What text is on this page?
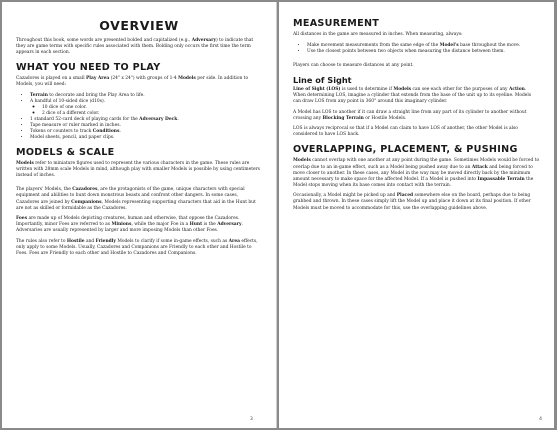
OVERVIEW

Throughout this book, some words are presented bolded and capitalized (e.g., Adversary) to indicate that they are game terms with specific rules associated with them. Bolding only occurs the first time the term appears in each section.

WHAT YOU NEED TO PLAY

Cazadores is played on a small Play Area (24" x 24") with groups of 1-4 Models per side. In addition to Models, you will need:

• Terrain to decorate and bring the Play Area to life.
• A handful of 10-sided dice (d10s).
◦ 10 dice of one color.
◦ 2 dice of a different color.
• 1 standard 52-card deck of playing cards for the Adversary Deck.
• Tape measure or ruler marked in inches.
• Tokens or counters to track Conditions.
• Model sheets, pencil, and paper clips.
MODELS & SCALE

Models refer to miniature figures used to represent the various characters in the game. These rules are written with 28mm scale Models in mind, although play with smaller Models is possible by using centimeters instead of inches.

The players' Models, the Cazadores, are the protagonists of the game, unique characters with special equipment and abilities to hunt down monstrous beasts and confront other dangers. In some cases, Cazadores are joined by Companions, Models representing supporting characters that aid in the Hunt but are not as skilled or formidable as the Cazadores.

Foes are made up of Models depicting creatures, human and otherwise, that oppose the Cazadores. Importantly, minor Foes are referred to as Minions, while the major Foe in a Hunt is the Adversary. Adversaries are usually represented by larger and more imposing Models than other Foes.

The rules also refer to Hostile and Friendly Models to clarify if some in-game effects, such as Area effects, only apply to some Models. Usually, Cazadores and Companions are Friendly to each other and Hostile to Foes. Foes are Friendly to each other and Hostile to Cazadores and Companions.

3
MEASUREMENT

All distances in the game are measured in inches. When measuring, always:

• Make movement measurements from the same edge of the Model's base throughout the move.
• Use the closest points between two objects when measuring the distance between them.

Players can choose to measure distances at any point.

Line of Sight

Line of Sight (LOS) is used to determine if Models can see each other for the purposes of any Action. When determining LOS, imagine a cylinder that extends from the base of the unit up to its eyeline. Models can draw LOS from any point in 360° around this imaginary cylinder.

A Model has LOS to another if it can draw a straight line from any part of its cylinder to another without crossing any Blocking Terrain or Hostile Models.

LOS is always reciprocal so that if a Model can claim to have LOS of another, the other Model is also considered to have LOS back.

OVERLAPPING, PLACEMENT, & PUSHING

Models cannot overlap with one another at any point during the game. Sometimes Models would be forced to overlap due to an in-game effect, such as a Model being pushed away due to an Attack and being forced to move closer to another. In these cases, any Model in the way may be moved directly back by the minimum amount necessary to make space for the affected Model. If a Model is pushed into Impassable Terrain the Model stops moving when its base comes into contact with the terrain.

Occasionally, a Model might be picked up and Placed somewhere else on the board, perhaps due to being grabbed and thrown. In these cases simply lift the Model up and place it down at its final position. If other Models must be moved to accommodate for this, use the overlapping guidelines above.

4
